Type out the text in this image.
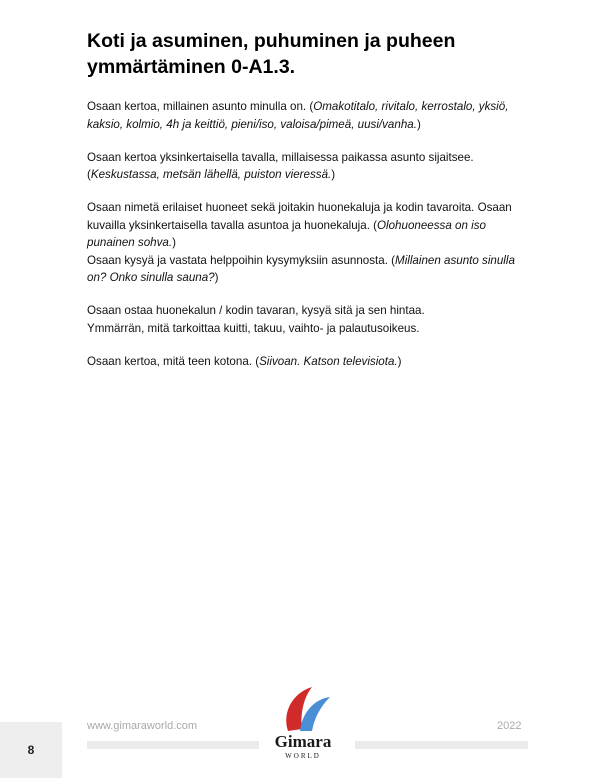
Koti ja asuminen, puhuminen ja puheen
ymmärtäminen 0-A1.3.

Osaan kertoa, millainen asunto minulla on. (Omakotitalo, rivitalo, kerrostalo, yksiö,
kaksio, kolmio, 4h ja keittiö, pieni/iso, valoisa/pimeä, uusi/vanha.)

Osaan kertoa yksinkertaisella tavalla, millaisessa paikassa asunto sijaitsee.
(Keskustassa, metsän lähellä, puiston vieressä.)

Osaan nimetä erilaiset huoneet sekä joitakin huonekaluja ja kodin tavaroita. Osaan
kuvailla yksinkertaisella tavalla asuntoa ja huonekaluja. (Olohuoneessa on iso
punainen sohva.)
Osaan kysyä ja vastata helppoihin kysymyksiin asunnosta. (Millainen asunto sinulla
on? Onko sinulla sauna?)

Osaan ostaa huonekalun / kodin tavaran, kysyä sitä ja sen hintaa.
Ymmärrän, mitä tarkoittaa kuitti, takuu, vaihto- ja palautusoikeus.

Osaan kertoa, mitä teen kotona. (Siivoan. Katson televisiota.)

www.gimaraworld.com	2022
8	Gimara
WORLD
